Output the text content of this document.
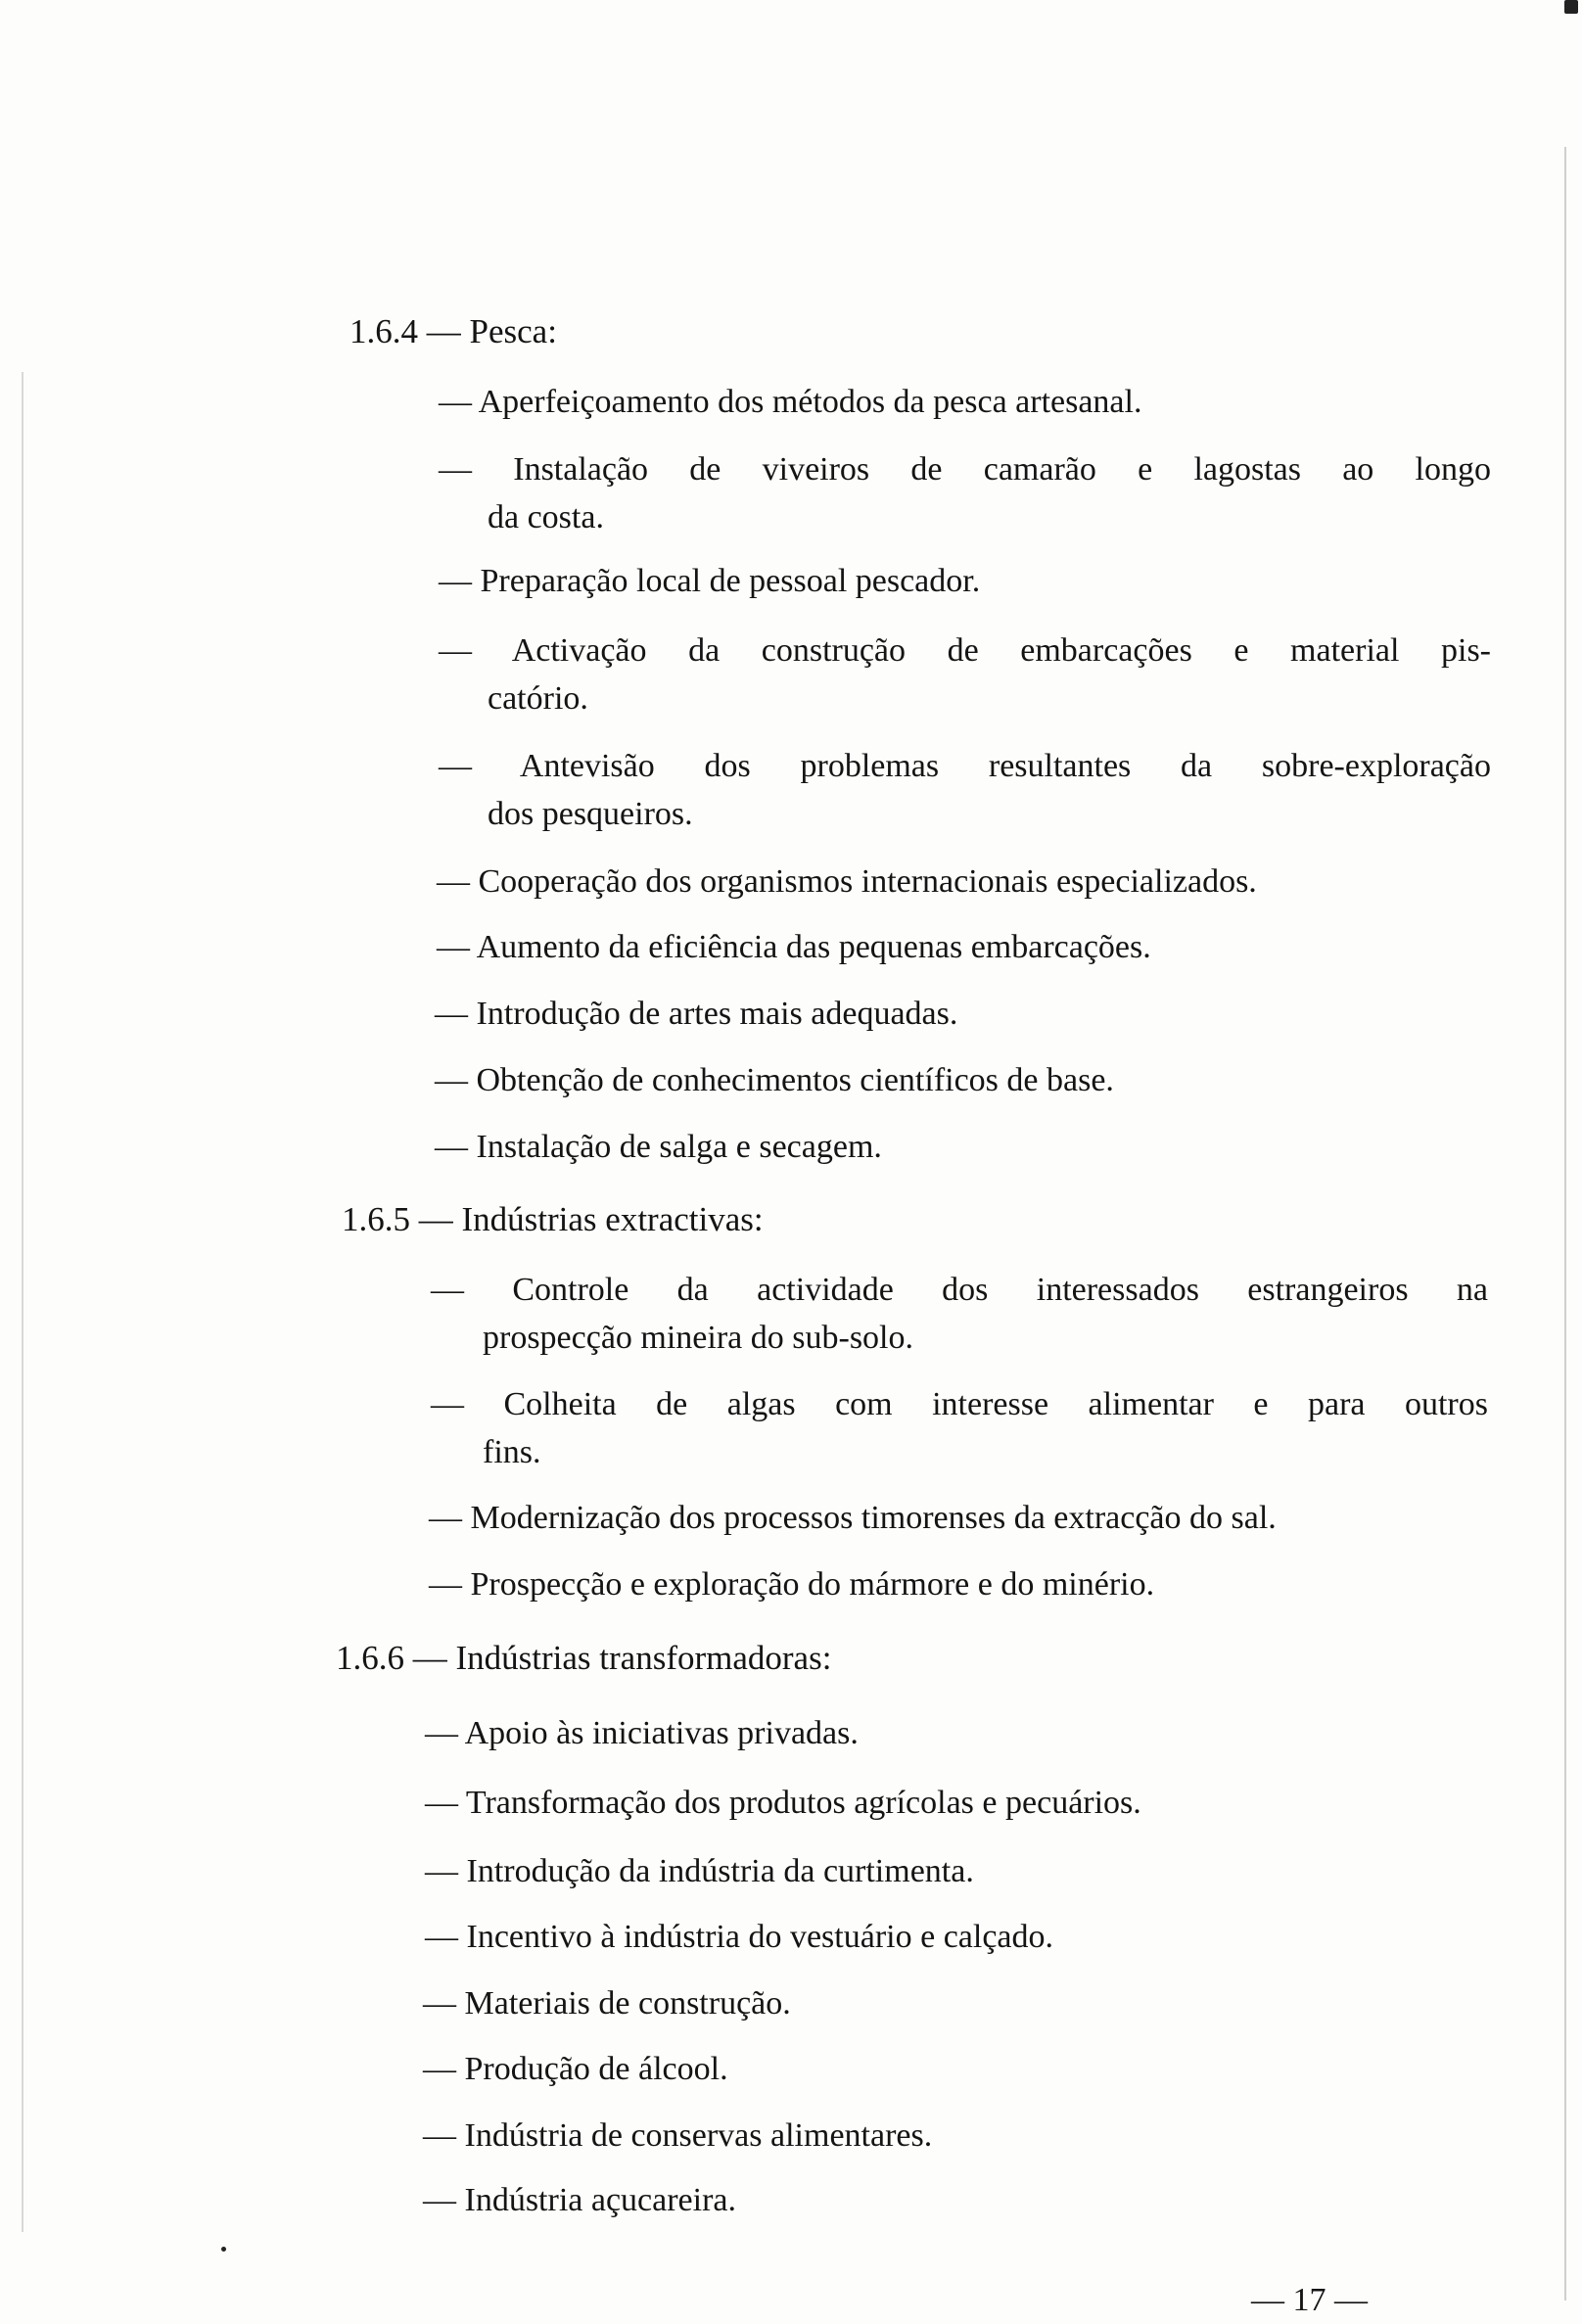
1.6.4 — Pesca:
— Aperfeiçoamento dos métodos da pesca artesanal.
— Instalação de viveiros de camarão e lagostas ao longo
da costa.
— Preparação local de pessoal pescador.
— Activação da construção de embarcações e material pis-
catório.
— Antevisão dos problemas resultantes da sobre-exploração
dos pesqueiros.
— Cooperação dos organismos internacionais especializados.
— Aumento da eficiência das pequenas embarcações.
— Introdução de artes mais adequadas.
— Obtenção de conhecimentos científicos de base.
— Instalação de salga e secagem.
1.6.5 — Indústrias extractivas:
— Controle da actividade dos interessados estrangeiros na
prospecção mineira do sub-solo.
— Colheita de algas com interesse alimentar e para outros
fins.
— Modernização dos processos timorenses da extracção do sal.
— Prospecção e exploração do mármore e do minério.
1.6.6 — Indústrias transformadoras:
— Apoio às iniciativas privadas.
— Transformação dos produtos agrícolas e pecuários.
— Introdução da indústria da curtimenta.
— Incentivo à indústria do vestuário e calçado.
— Materiais de construção.
— Produção de álcool.
— Indústria de conservas alimentares.
— Indústria açucareira.
— 17 —
